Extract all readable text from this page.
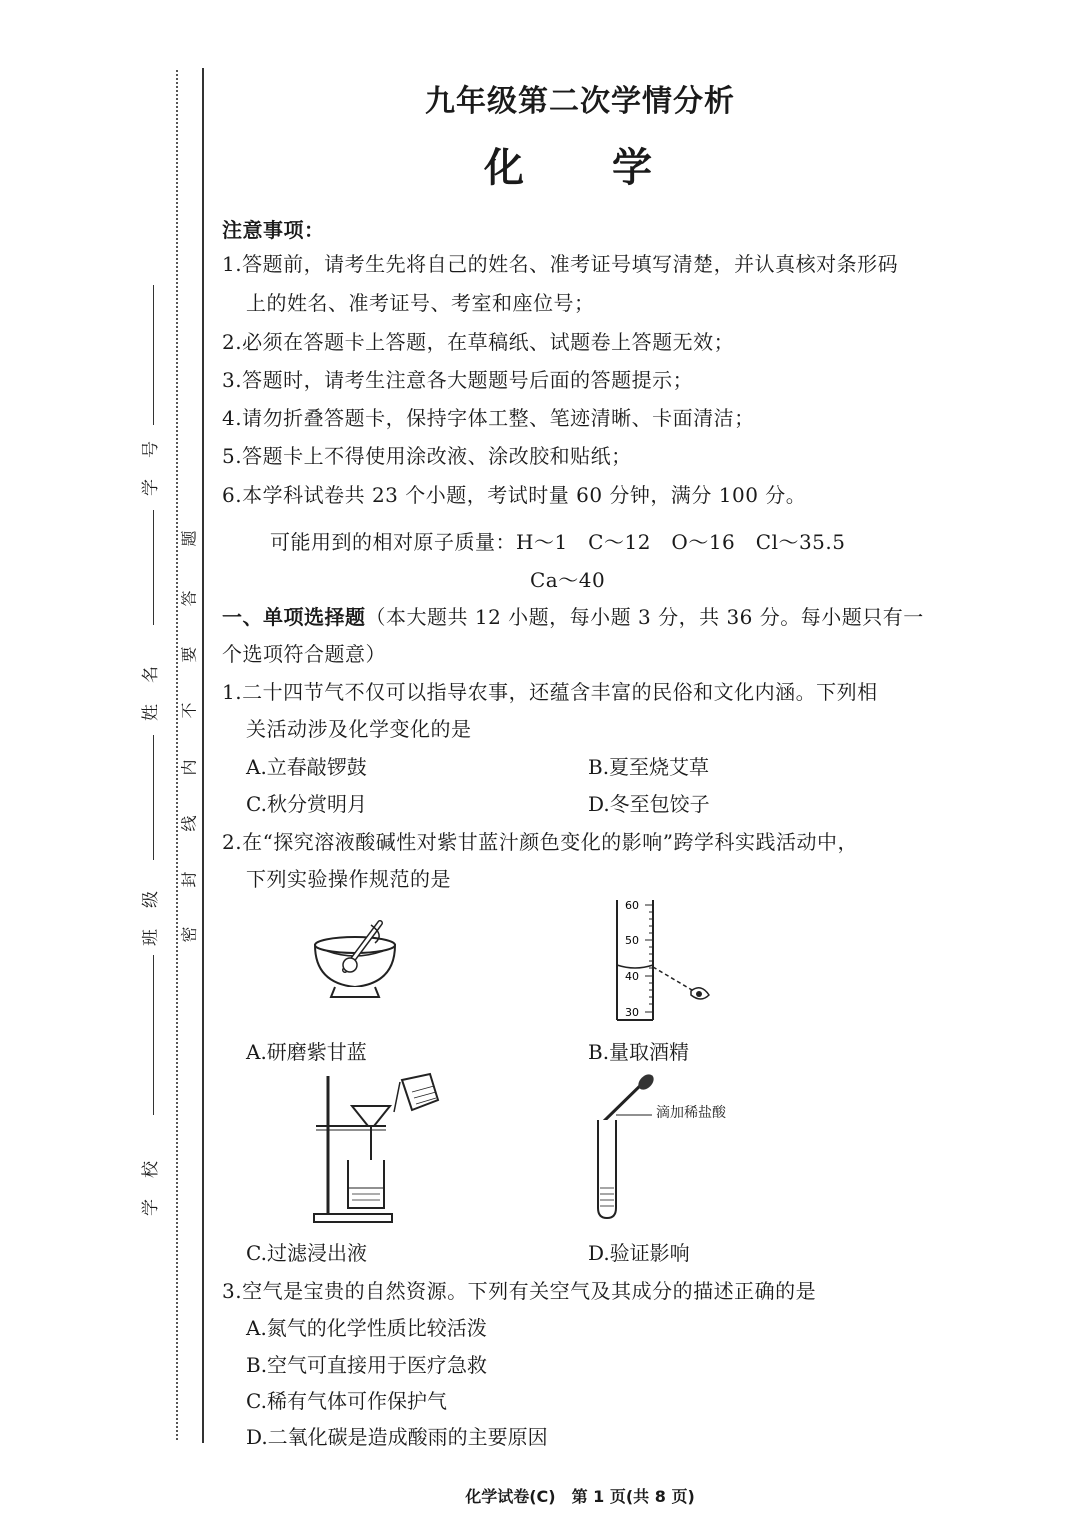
学　号
姓　名
班　级
学　校
题
答
要
不
内
线
封
密
九年级第二次学情分析
化　学
注意事项：
1.答题前，请考生先将自己的姓名、准考证号填写清楚，并认真核对条形码
上的姓名、准考证号、考室和座位号；
2.必须在答题卡上答题，在草稿纸、试题卷上答题无效；
3.答题时，请考生注意各大题题号后面的答题提示；
4.请勿折叠答题卡，保持字体工整、笔迹清晰、卡面清洁；
5.答题卡上不得使用涂改液、涂改胶和贴纸；
6.本学科试卷共 23 个小题，考试时量 60 分钟，满分 100 分。
可能用到的相对原子质量：H～1　C～12　O～16　Cl～35.5
Ca～40
一、单项选择题（本大题共 12 小题，每小题 3 分，共 36 分。每小题只有一
个选项符合题意）
1.二十四节气不仅可以指导农事，还蕴含丰富的民俗和文化内涵。下列相
关活动涉及化学变化的是
A.立春敲锣鼓	B.夏至烧艾草
C.秋分赏明月	D.冬至包饺子
2.在“探究溶液酸碱性对紫甘蓝汁颜色变化的影响”跨学科实践活动中，
下列实验操作规范的是
60
50
40
30
A.研磨紫甘蓝	B.量取酒精
滴加稀盐酸
C.过滤浸出液	D.验证影响
3.空气是宝贵的自然资源。下列有关空气及其成分的描述正确的是
A.氮气的化学性质比较活泼
B.空气可直接用于医疗急救
C.稀有气体可作保护气
D.二氧化碳是造成酸雨的主要原因
化学试卷(C)　第 1 页(共 8 页)
